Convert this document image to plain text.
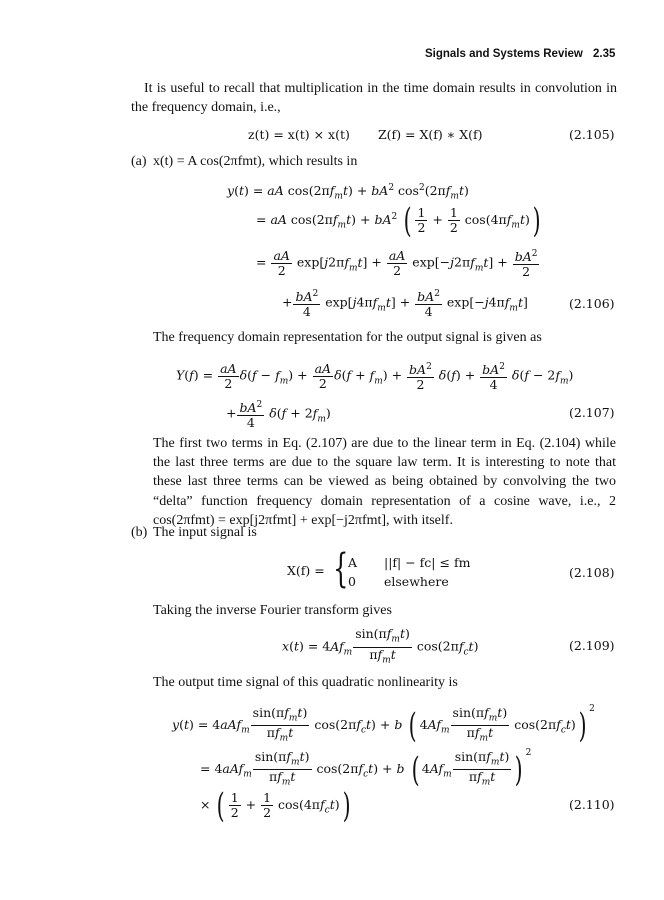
Signals and Systems Review 2.35
It is useful to recall that multiplication in the time domain results in convolution in the frequency domain, i.e.,
z(t) = x(t) × x(t) Z(f) = X(f) ∗ X(f)	(2.105)
(a) x(t) = A cos(2πfmt), which results in
y(t) = aA $\cos(2\pi f_mt) + bA^2$ $\cos^2(2\pi f_mt)$
= aA $\cos(2\pi f_mt) + bA^2$ ( $\frac{1}{2} + \frac{1}{2} \cos(4\pi f_mt)$)
= $\frac{aA}{2} \exp[j2\pi f_mt] + \frac{aA}{2} \exp[-j2\pi f_mt] + \frac{bA^2}{2}$
+ $\frac{bA^2}{4} \exp[j4\pi f_mt] + \frac{bA^2}{4} \exp[-j4\pi f_mt]$	(2.106)
The frequency domain representation for the output signal is given as
$Y(f) = \frac{aA}{2} \delta(f - f_m) + \frac{aA}{2} \delta(f + f_m) + \frac{bA^2}{2} \delta(f) + \frac{bA^2}{4} \delta(f - 2f_m)$
+ $\frac{bA^2}{4} \delta(f + 2f_m)$	(2.107)
The first two terms in Eq. (2.107) are due to the linear term in Eq. (2.104) while the last three terms are due to the square law term. It is interesting to note that these last three terms can be viewed as being obtained by convolving the two “delta” function frequency domain representation of a cosine wave, i.e., 2 cos(2πfmt) = exp[j2πfmt] + exp[−j2πfmt], with itself.
(b) The input signal is
X(f) = { A ||f| − fc| ≤ fm
0 elsewhere
(2.108)
Taking the inverse Fourier transform gives
$x(t) = 4Af_m \frac{\sin(\pi f_mt)}{\pi f_mt} \cos(2\pi f_ct)$	(2.109)
The output time signal of this quadratic nonlinearity is
$y(t) = 4aAf_m \frac{\sin(\pi f_mt)}{\pi f_mt} \cos(2\pi f_ct) + b$ ( $4Af_m \frac{\sin(\pi f_mt)}{\pi f_mt} \cos(2\pi f_ct)$) $^2$
= $4aAf_m \frac{\sin(\pi f_mt)}{\pi f_mt} \cos(2\pi f_ct) + b$ ( $4Af_m \frac{\sin(\pi f_mt)}{\pi f_mt}$ ) $^2$
× ( $\frac{1}{2} + \frac{1}{2} \cos(4\pi f_ct)$)	(2.110)
